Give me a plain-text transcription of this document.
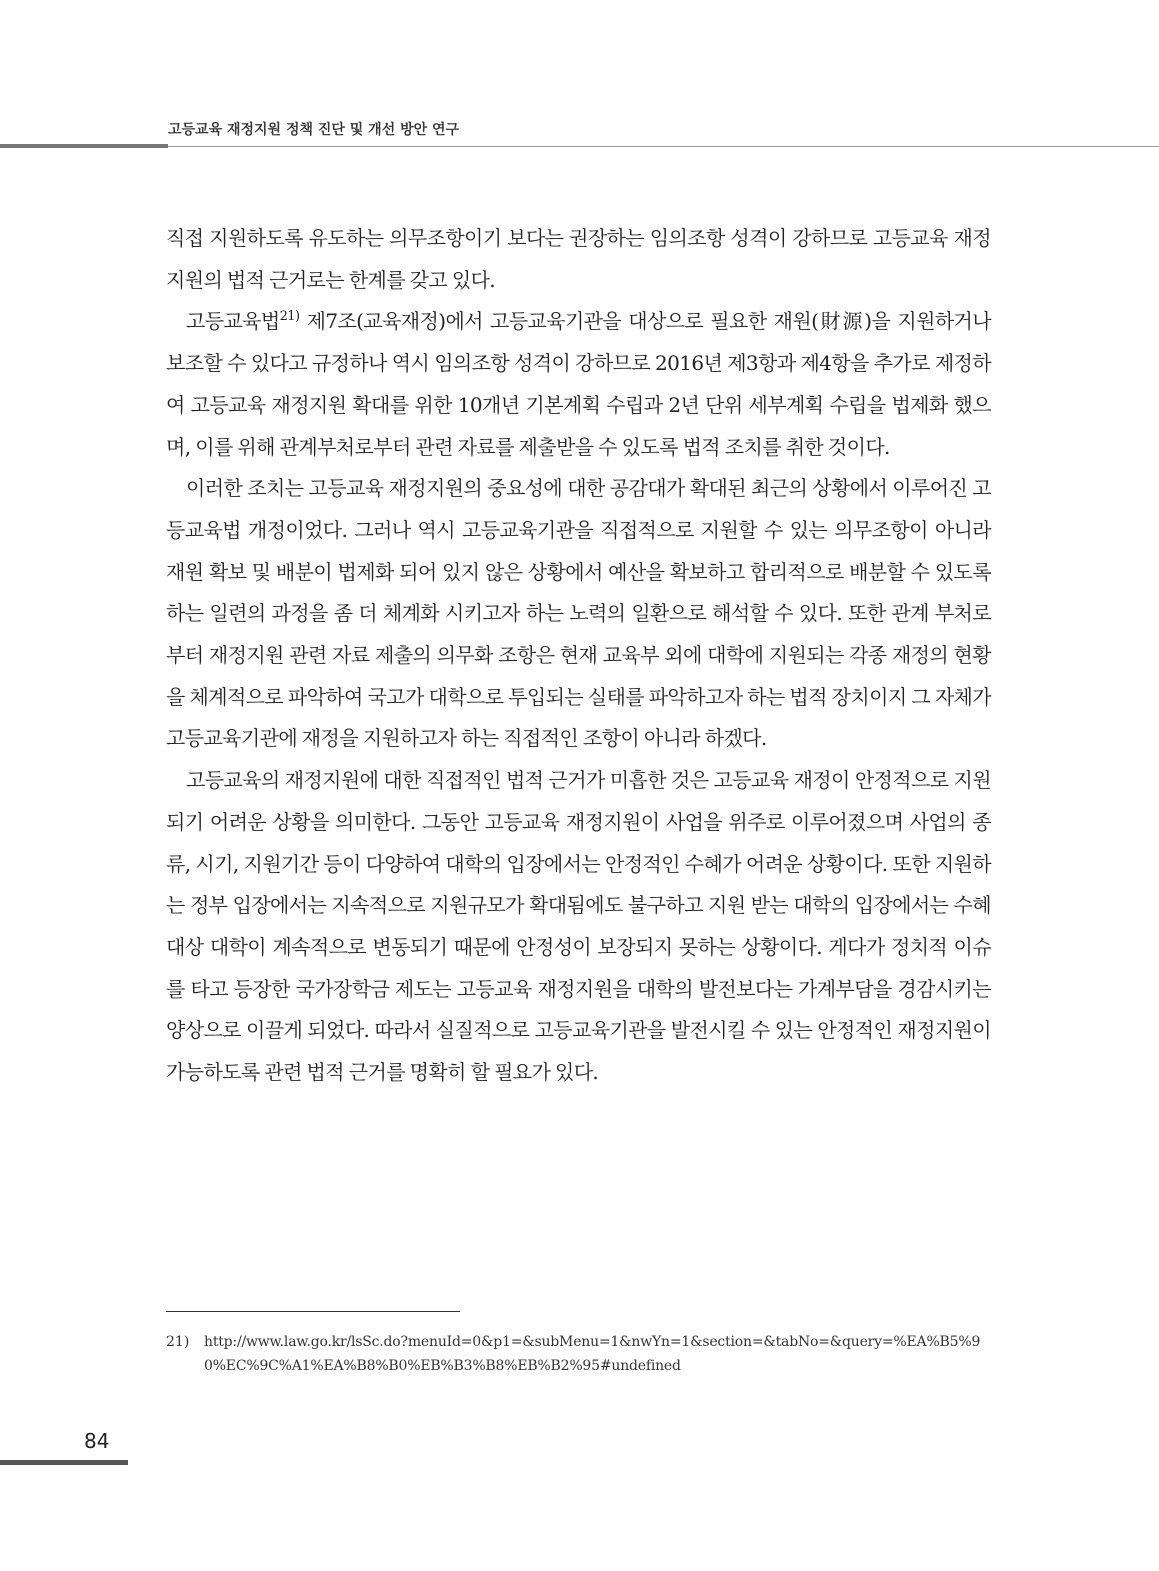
고등교육 재정지원 정책 진단 및 개선 방안 연구

직접 지원하도록 유도하는 의무조항이기 보다는 권장하는 임의조항 성격이 강하므로 고등교육 재정지원의 법적 근거로는 한계를 갖고 있다.

고등교육법$^{21)}$ 제7조(교육재정)에서 고등교육기관을 대상으로 필요한 재원(財源)을 지원하거나 보조할 수 있다고 규정하나 역시 임의조항 성격이 강하므로 2016년 제3항과 제4항을 추가로 제정하여 고등교육 재정지원 확대를 위한 10개년 기본계획 수립과 2년 단위 세부계획 수립을 법제화 했으며, 이를 위해 관계부처로부터 관련 자료를 제출받을 수 있도록 법적 조치를 취한 것이다.

이러한 조치는 고등교육 재정지원의 중요성에 대한 공감대가 확대된 최근의 상황에서 이루어진 고등교육법 개정이었다. 그러나 역시 고등교육기관을 직접적으로 지원할 수 있는 의무조항이 아니라 재원 확보 및 배분이 법제화 되어 있지 않은 상황에서 예산을 확보하고 합리적으로 배분할 수 있도록 하는 일련의 과정을 좀 더 체계화 시키고자 하는 노력의 일환으로 해석할 수 있다. 또한 관계 부처로부터 재정지원 관련 자료 제출의 의무화 조항은 현재 교육부 외에 대학에 지원되는 각종 재정의 현황을 체계적으로 파악하여 국고가 대학으로 투입되는 실태를 파악하고자 하는 법적 장치이지 그 자체가 고등교육기관에 재정을 지원하고자 하는 직접적인 조항이 아니라 하겠다.

고등교육의 재정지원에 대한 직접적인 법적 근거가 미흡한 것은 고등교육 재정이 안정적으로 지원되기 어려운 상황을 의미한다. 그동안 고등교육 재정지원이 사업을 위주로 이루어졌으며 사업의 종류, 시기, 지원기간 등이 다양하여 대학의 입장에서는 안정적인 수혜가 어려운 상황이다. 또한 지원하는 정부 입장에서는 지속적으로 지원규모가 확대됨에도 불구하고 지원 받는 대학의 입장에서는 수혜 대상 대학이 계속적으로 변동되기 때문에 안정성이 보장되지 못하는 상황이다. 게다가 정치적 이슈를 타고 등장한 국가장학금 제도는 고등교육 재정지원을 대학의 발전보다는 가계부담을 경감시키는 양상으로 이끌게 되었다. 따라서 실질적으로 고등교육기관을 발전시킬 수 있는 안정적인 재정지원이 가능하도록 관련 법적 근거를 명확히 할 필요가 있다.

21)	http://www.law.go.kr/lsSc.do?menuId=0&p1=&subMenu=1&nwYn=1&section=&tabNo=&query=%EA%B5%90%EC%9C%A1%EA%B8%B0%EB%B3%B8%EB%B2%95#undefined
84
